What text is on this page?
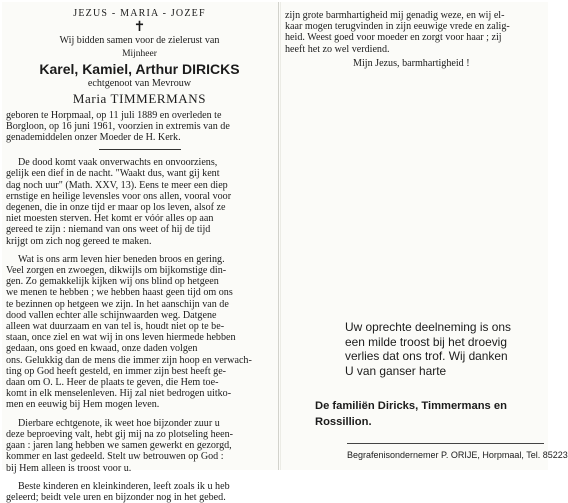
JEZUS - MARIA - JOZEF
✝
Wij bidden samen voor de zielerust van
Mijnheer
Karel, Kamiel, Arthur DIRICKS
echtgenoot van Mevrouw
Maria TIMMERMANS
geboren te Horpmaal, op 11 juli 1889 en overleden te
Borgloon, op 16 juni 1961, voorzien in extremis van de
genademiddelen onzer Moeder de H. Kerk.
De dood komt vaak onverwachts en onvoorziens,
gelijk een dief in de nacht. "Waakt dus, want gij kent
dag noch uur" (Math. XXV, 13). Eens te meer een diep
ernstige en heilige levensles voor ons allen, vooral voor
degenen, die in onze tijd er maar op los leven, alsof ze
niet moesten sterven. Het komt er vóór alles op aan
gereed te zijn : niemand van ons weet of hij de tijd
krijgt om zich nog gereed te maken.
Wat is ons arm leven hier beneden broos en gering.
Veel zorgen en zwoegen, dikwijls om bijkomstige din-
gen. Zo gemakkelijk kijken wij ons blind op hetgeen
we menen te hebben ; we hebben haast geen tijd om ons
te bezinnen op hetgeen we zijn. In het aanschijn van de
dood vallen echter alle schijnwaarden weg. Datgene
alleen wat duurzaam en van tel is, houdt niet op te be-
staan, once ziel en wat wij in ons leven hiermede hebben
gedaan, ons goed en kwaad, onze daden volgen
ons. Gelukkig dan de mens die immer zijn hoop en verwach-
ting op God heeft gesteld, en immer zijn best heeft ge-
daan om O. L. Heer de plaats te geven, die Hem toe-
komt in elk menselenleven. Hij zal niet bedrogen uitko-
men en eeuwig bij Hem mogen leven.
Dierbare echtgenote, ik weet hoe bijzonder zuur u
deze beproeving valt, hebt gij mij na zo plotseling heen-
gaan : jaren lang hebben we samen gewerkt en gezorgd,
kommer en last gedeeld. Stelt uw betrouwen op God :
bij Hem alleen is troost voor u.
Beste kinderen en kleinkinderen, leeft zoals ik u heb
geleerd; beidt vele uren en bijzonder nog in het gebed.
zijn grote barmhartigheid mij genadig weze, en wij el-
kaar mogen terugvinden in zijn eeuwige vrede en zalig-
heid. Weest goed voor moeder en zorgt voor haar ; zij
heeft het zo wel verdiend.
Mijn Jezus, barmhartigheid !
Uw oprechte deelneming is ons
een milde troost bij het droevig
verlies dat ons trof. Wij danken
U van ganser harte
De familiën Diricks, Timmermans en
Rossillion.
Begrafenisondernemer P. ORIJE, Horpmaal, Tel. 85223
